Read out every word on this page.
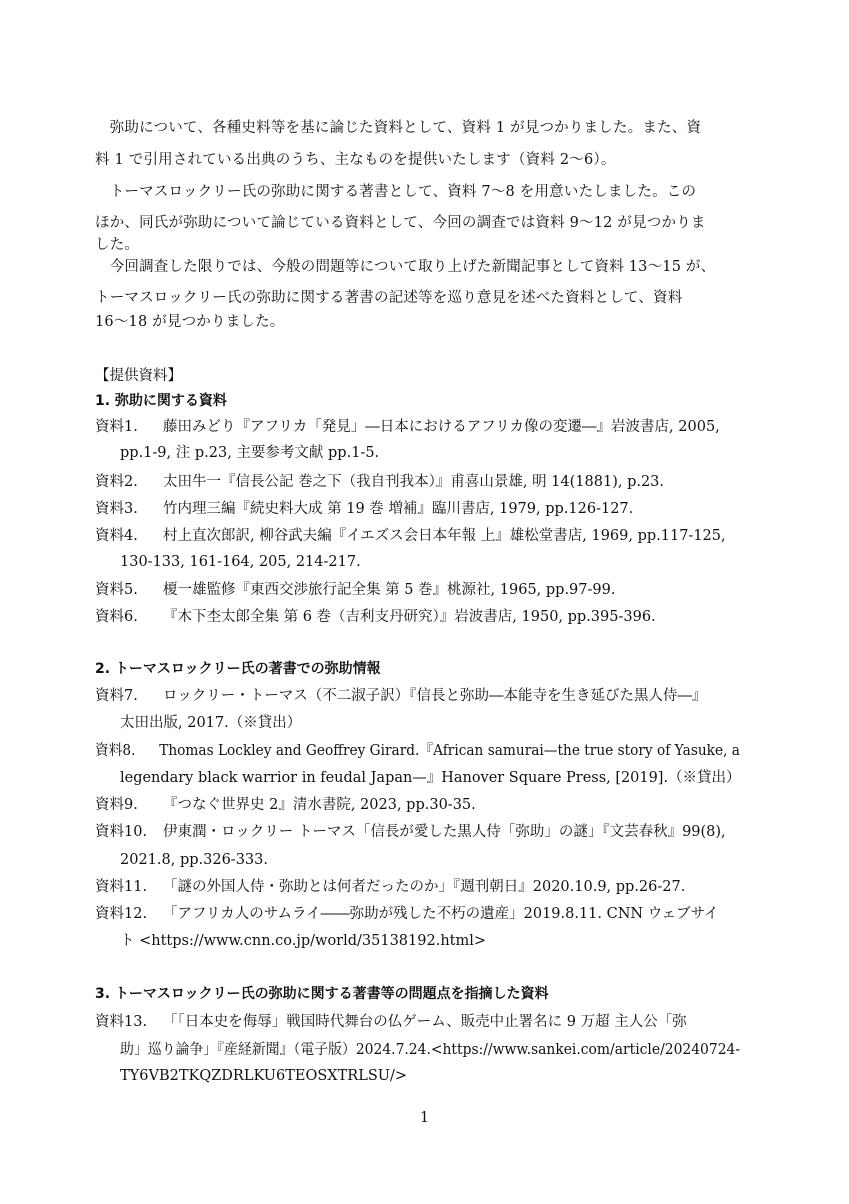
　弥助について、各種史料等を基に論じた資料として、資料 1 が見つかりました。また、資
料 1 で引用されている出典のうち、主なものを提供いたします（資料 2～6）。
　トーマスロックリー氏の弥助に関する著書として、資料 7～8 を用意いたしました。この
ほか、同氏が弥助について論じている資料として、今回の調査では資料 9～12 が見つかりま
した。
　今回調査した限りでは、今般の問題等について取り上げた新聞記事として資料 13～15 が、
トーマスロックリー氏の弥助に関する著書の記述等を巡り意見を述べた資料として、資料
16～18 が見つかりました。
【提供資料】
1. 弥助に関する資料
資料1. 藤田みどり『アフリカ「発見」―日本におけるアフリカ像の変遷―』岩波書店, 2005,
pp.1-9, 注 p.23, 主要参考文献 pp.1-5.
資料2. 太田牛一『信長公記 巻之下（我自刊我本）』甫喜山景雄, 明 14(1881), p.23.
資料3. 竹内理三編『続史料大成 第 19 巻 増補』臨川書店, 1979, pp.126-127.
資料4. 村上直次郎訳, 柳谷武夫編『イエズス会日本年報 上』雄松堂書店, 1969, pp.117-125,
130-133, 161-164, 205, 214-217.
資料5. 榎一雄監修『東西交渉旅行記全集 第 5 巻』桃源社, 1965, pp.97-99.
資料6. 『木下杢太郎全集 第 6 巻（吉利支丹研究）』岩波書店, 1950, pp.395-396.
2. トーマスロックリー氏の著書での弥助情報
資料7. ロックリー・トーマス（不二淑子訳）『信長と弥助―本能寺を生き延びた黒人侍―』
太田出版, 2017.（※貸出）
資料8. Thomas Lockley and Geoffrey Girard.『African samurai—the true story of Yasuke, a
legendary black warrior in feudal Japan—』Hanover Square Press, [2019].（※貸出）
資料9. 『つなぐ世界史 2』清水書院, 2023, pp.30-35.
資料10. 伊東潤・ロックリー トーマス「信長が愛した黒人侍「弥助」の謎」『文芸春秋』99(8),
2021.8, pp.326-333.
資料11. 「謎の外国人侍・弥助とは何者だったのか」『週刊朝日』2020.10.9, pp.26-27.
資料12. 「アフリカ人のサムライ――弥助が残した不朽の遺産」2019.8.11. CNN ウェブサイ
ト <https://www.cnn.co.jp/world/35138192.html>
3. トーマスロックリー氏の弥助に関する著書等の問題点を指摘した資料
資料13. 「「日本史を侮辱」戦国時代舞台の仏ゲーム、販売中止署名に 9 万超 主人公「弥
助」巡り論争」『産経新聞』（電子版）2024.7.24.<https://www.sankei.com/article/20240724-
TY6VB2TKQZDRLKU6TEOSXTRLSU/>
1
